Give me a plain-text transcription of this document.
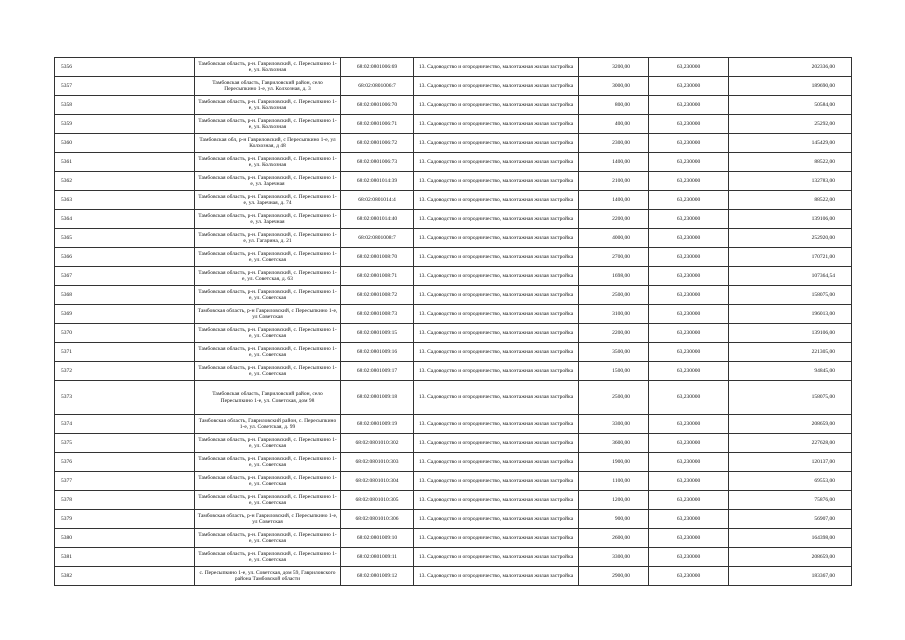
5356	Тамбовская область, р-н. Гавриловский, с. Пересыпкино 1-е, ул. Колхозная	68:02:0801006:69	13. Садоводство и огородничество, малоэтажная жилая застройка	3200,00	63,230000	202336,00
5357	Тамбовская область, Гавриловский район, село Пересыпкино 1-е, ул. Колхозная, д. 3	68:02:0801006:7	13. Садоводство и огородничество, малоэтажная жилая застройка	3000,00	63,230000	189690,00
5358	Тамбовская область, р-н. Гавриловский, с. Пересыпкино 1-е, ул. Колхозная	68:02:0801006:70	13. Садоводство и огородничество, малоэтажная жилая застройка	800,00	63,230000	50584,00
5359	Тамбовская область, р-н. Гавриловский, с. Пересыпкино 1-е, ул. Колхозная	68:02:0801006:71	13. Садоводство и огородничество, малоэтажная жилая застройка	400,00	63,230000	25292,00
5360	Тамбовская обл, р-н Гавриловский, с Пересыпкино 1-е, ул Колхозная, д 48	68:02:0801006:72	13. Садоводство и огородничество, малоэтажная жилая застройка	2300,00	63,230000	145429,00
5361	Тамбовская область, р-н. Гавриловский, с. Пересыпкино 1-е, ул. Колхозная	68:02:0801006:73	13. Садоводство и огородничество, малоэтажная жилая застройка	1400,00	63,230000	88522,00
5362	Тамбовская область, р-н. Гавриловский, с. Пересыпкино 1-е, ул. Заречная	68:02:0801014:39	13. Садоводство и огородничество, малоэтажная жилая застройка	2100,00	63,230000	132783,00
5363	Тамбовская область, р-н. Гавриловский, с. Пересыпкино 1-е, ул. Заречная, д. 74	68:02:0801014:4	13. Садоводство и огородничество, малоэтажная жилая застройка	1400,00	63,230000	88522,00
5364	Тамбовская область, р-н. Гавриловский, с. Пересыпкино 1-е, ул. Заречная	68:02:0801014:40	13. Садоводство и огородничество, малоэтажная жилая застройка	2200,00	63,230000	139106,00
5365	Тамбовская область, р-н. Гавриловский, с. Пересыпкино 1-е, ул. Гагарина, д. 21	68:02:0801008:7	13. Садоводство и огородничество, малоэтажная жилая застройка	4000,00	63,230000	252920,00
5366	Тамбовская область, р-н. Гавриловский, с. Пересыпкино 1-е, ул. Советская	68:02:0801008:70	13. Садоводство и огородничество, малоэтажная жилая застройка	2700,00	63,230000	170721,00
5367	Тамбовская область, р-н. Гавриловский, с. Пересыпкино 1-е, ул. Советская, д. 63	68:02:0801008:71	13. Садоводство и огородничество, малоэтажная жилая застройка	1698,00	63,230000	107364,54
5368	Тамбовская область, р-н. Гавриловский, с. Пересыпкино 1-е, ул. Советская	68:02:0801008:72	13. Садоводство и огородничество, малоэтажная жилая застройка	2500,00	63,230000	158075,00
5369	Тамбовская область, р-н Гавриловский, с Пересыпкино 1-е, ул Советская	68:02:0801008:73	13. Садоводство и огородничество, малоэтажная жилая застройка	3100,00	63,230000	196013,00
5370	Тамбовская область, р-н. Гавриловский, с. Пересыпкино 1-е, ул. Советская	68:02:0801009:15	13. Садоводство и огородничество, малоэтажная жилая застройка	2200,00	63,230000	139106,00
5371	Тамбовская область, р-н. Гавриловский, с. Пересыпкино 1-е, ул. Советская	68:02:0801009:16	13. Садоводство и огородничество, малоэтажная жилая застройка	3500,00	63,230000	221305,00
5372	Тамбовская область, р-н. Гавриловский, с. Пересыпкино 1-е, ул. Советская	68:02:0801009:17	13. Садоводство и огородничество, малоэтажная жилая застройка	1500,00	63,230000	94845,00
5373	Тамбовская область, Гавриловский район, село Пересыпкино 1-е, ул. Советская, дом 98	68:02:0801009:18	13. Садоводство и огородничество, малоэтажная жилая застройка	2500,00	63,230000	158075,00
5374	Тамбовская область, Гавриловский район, с. Пересыпкино 1-е, ул. Советская, д. 99	68:02:0801009:19	13. Садоводство и огородничество, малоэтажная жилая застройка	3300,00	63,230000	208659,00
5375	Тамбовская область, р-н. Гавриловский, с. Пересыпкино 1-е, ул. Советская	68:02:0801010:302	13. Садоводство и огородничество, малоэтажная жилая застройка	3600,00	63,230000	227628,00
5376	Тамбовская область, р-н. Гавриловский, с. Пересыпкино 1-е, ул. Советская	68:02:0801010:303	13. Садоводство и огородничество, малоэтажная жилая застройка	1900,00	63,230000	120137,00
5377	Тамбовская область, р-н. Гавриловский, с. Пересыпкино 1-е, ул. Советская	68:02:0801010:304	13. Садоводство и огородничество, малоэтажная жилая застройка	1100,00	63,230000	69553,00
5378	Тамбовская область, р-н. Гавриловский, с. Пересыпкино 1-е, ул. Советская	68:02:0801010:305	13. Садоводство и огородничество, малоэтажная жилая застройка	1200,00	63,230000	75876,00
5379	Тамбовская область, р-н Гавриловский, с Пересыпкино 1-е, ул Советская	68:02:0801010:306	13. Садоводство и огородничество, малоэтажная жилая застройка	900,00	63,230000	56907,00
5380	Тамбовская область, р-н. Гавриловский, с. Пересыпкино 1-е, ул. Советская	68:02:0801009:10	13. Садоводство и огородничество, малоэтажная жилая застройка	2600,00	63,230000	164398,00
5381	Тамбовская область, р-н. Гавриловский, с. Пересыпкино 1-е, ул. Советская	68:02:0801009:11	13. Садоводство и огородничество, малоэтажная жилая застройка	3300,00	63,230000	208659,00
5382	с. Пересыпкино 1-е, ул. Советская, дом 59, Гавриловского района Тамбовской области	68:02:0801009:12	13. Садоводство и огородничество, малоэтажная жилая застройка	2900,00	63,230000	183367,00
